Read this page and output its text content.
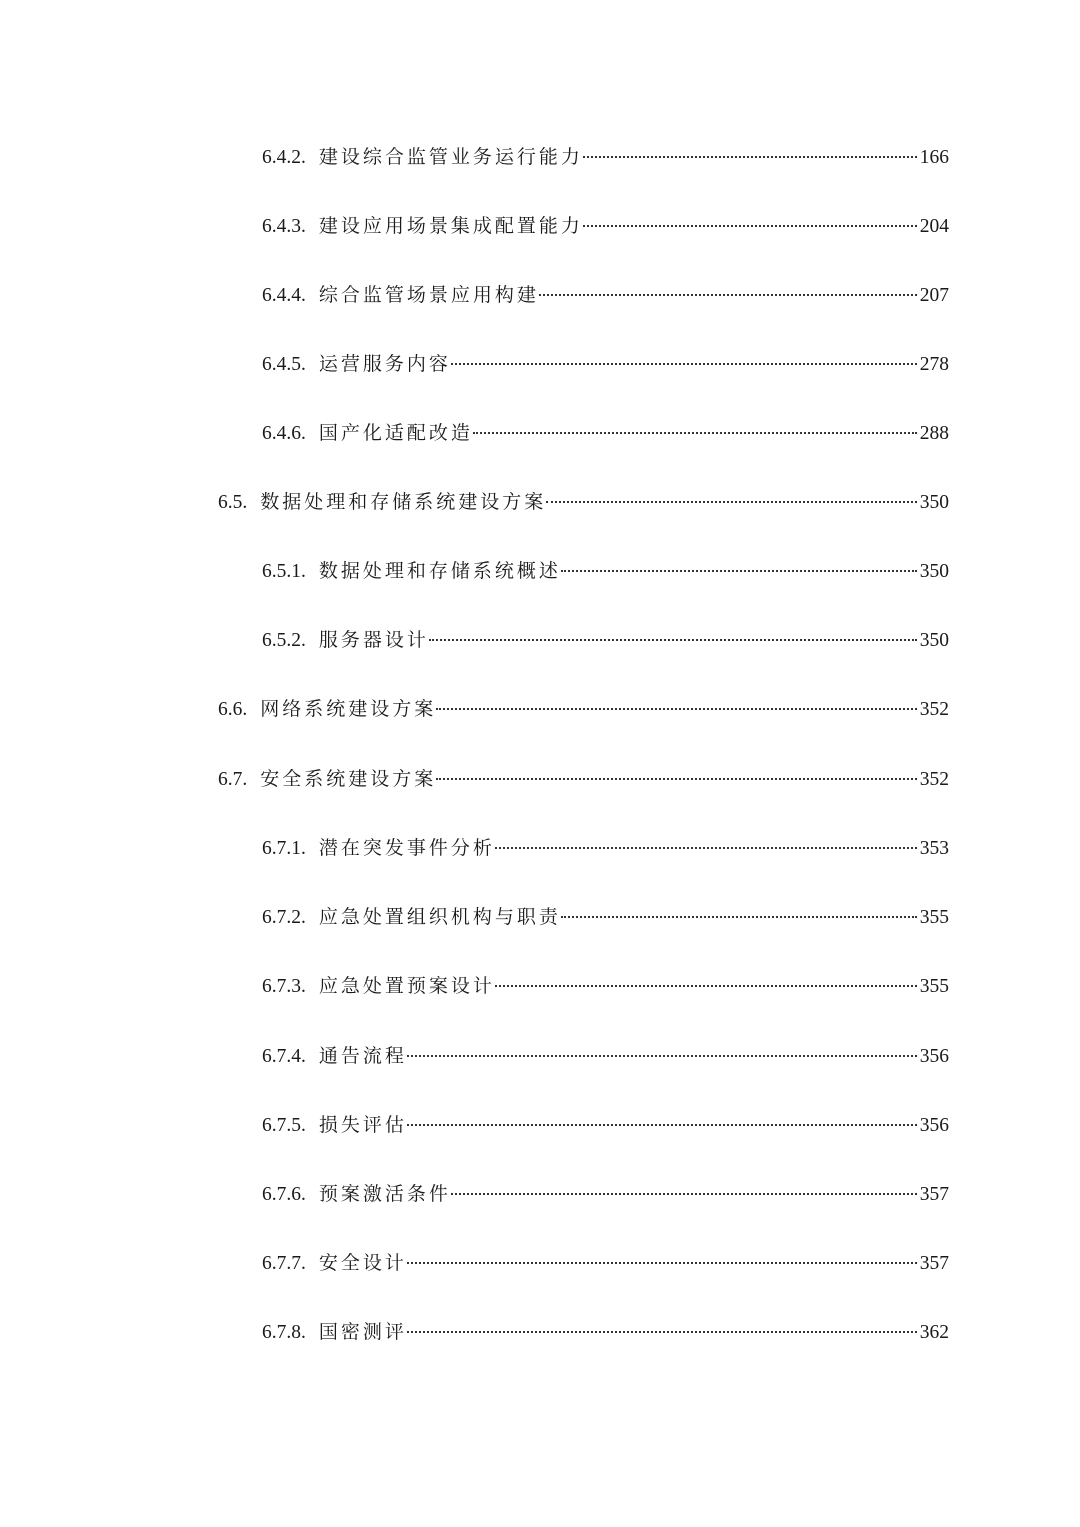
6.4.2. 建设综合监管业务运行能力	166
6.4.3. 建设应用场景集成配置能力	204
6.4.4. 综合监管场景应用构建	207
6.4.5. 运营服务内容	278
6.4.6. 国产化适配改造	288
6.5. 数据处理和存储系统建设方案	350
6.5.1. 数据处理和存储系统概述	350
6.5.2. 服务器设计	350
6.6. 网络系统建设方案	352
6.7. 安全系统建设方案	352
6.7.1. 潜在突发事件分析	353
6.7.2. 应急处置组织机构与职责	355
6.7.3. 应急处置预案设计	355
6.7.4. 通告流程	356
6.7.5. 损失评估	356
6.7.6. 预案激活条件	357
6.7.7. 安全设计	357
6.7.8. 国密测评	362
